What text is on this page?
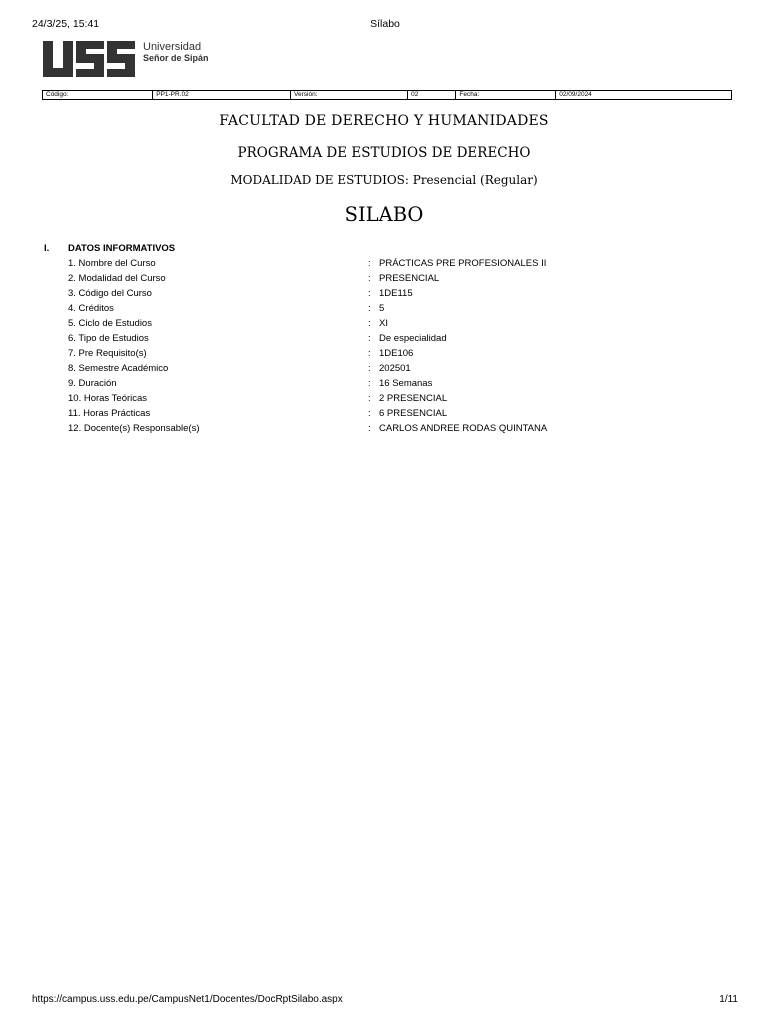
24/3/25, 15:41	Sílabo
Universidad
Señor de Sipán
Código:	PP1-PR.02	Versión:	02	Fecha:	02/09/2024
FACULTAD DE DERECHO Y HUMANIDADES
PROGRAMA DE ESTUDIOS DE DERECHO
MODALIDAD DE ESTUDIOS: Presencial (Regular)
SILABO
I. DATOS INFORMATIVOS
1. Nombre del Curso	: PRÁCTICAS PRE PROFESIONALES II
2. Modalidad del Curso	: PRESENCIAL
3. Código del Curso	: 1DE115
4. Créditos	: 5
5. Ciclo de Estudios	: XI
6. Tipo de Estudios	: De especialidad
7. Pre Requisito(s)	: 1DE106
8. Semestre Académico	: 202501
9. Duración	: 16 Semanas
10. Horas Teóricas	: 2 PRESENCIAL
11. Horas Prácticas	: 6 PRESENCIAL
12. Docente(s) Responsable(s)	: CARLOS ANDREE RODAS QUINTANA
https://campus.uss.edu.pe/CampusNet1/Docentes/DocRptSilabo.aspx	1/11
